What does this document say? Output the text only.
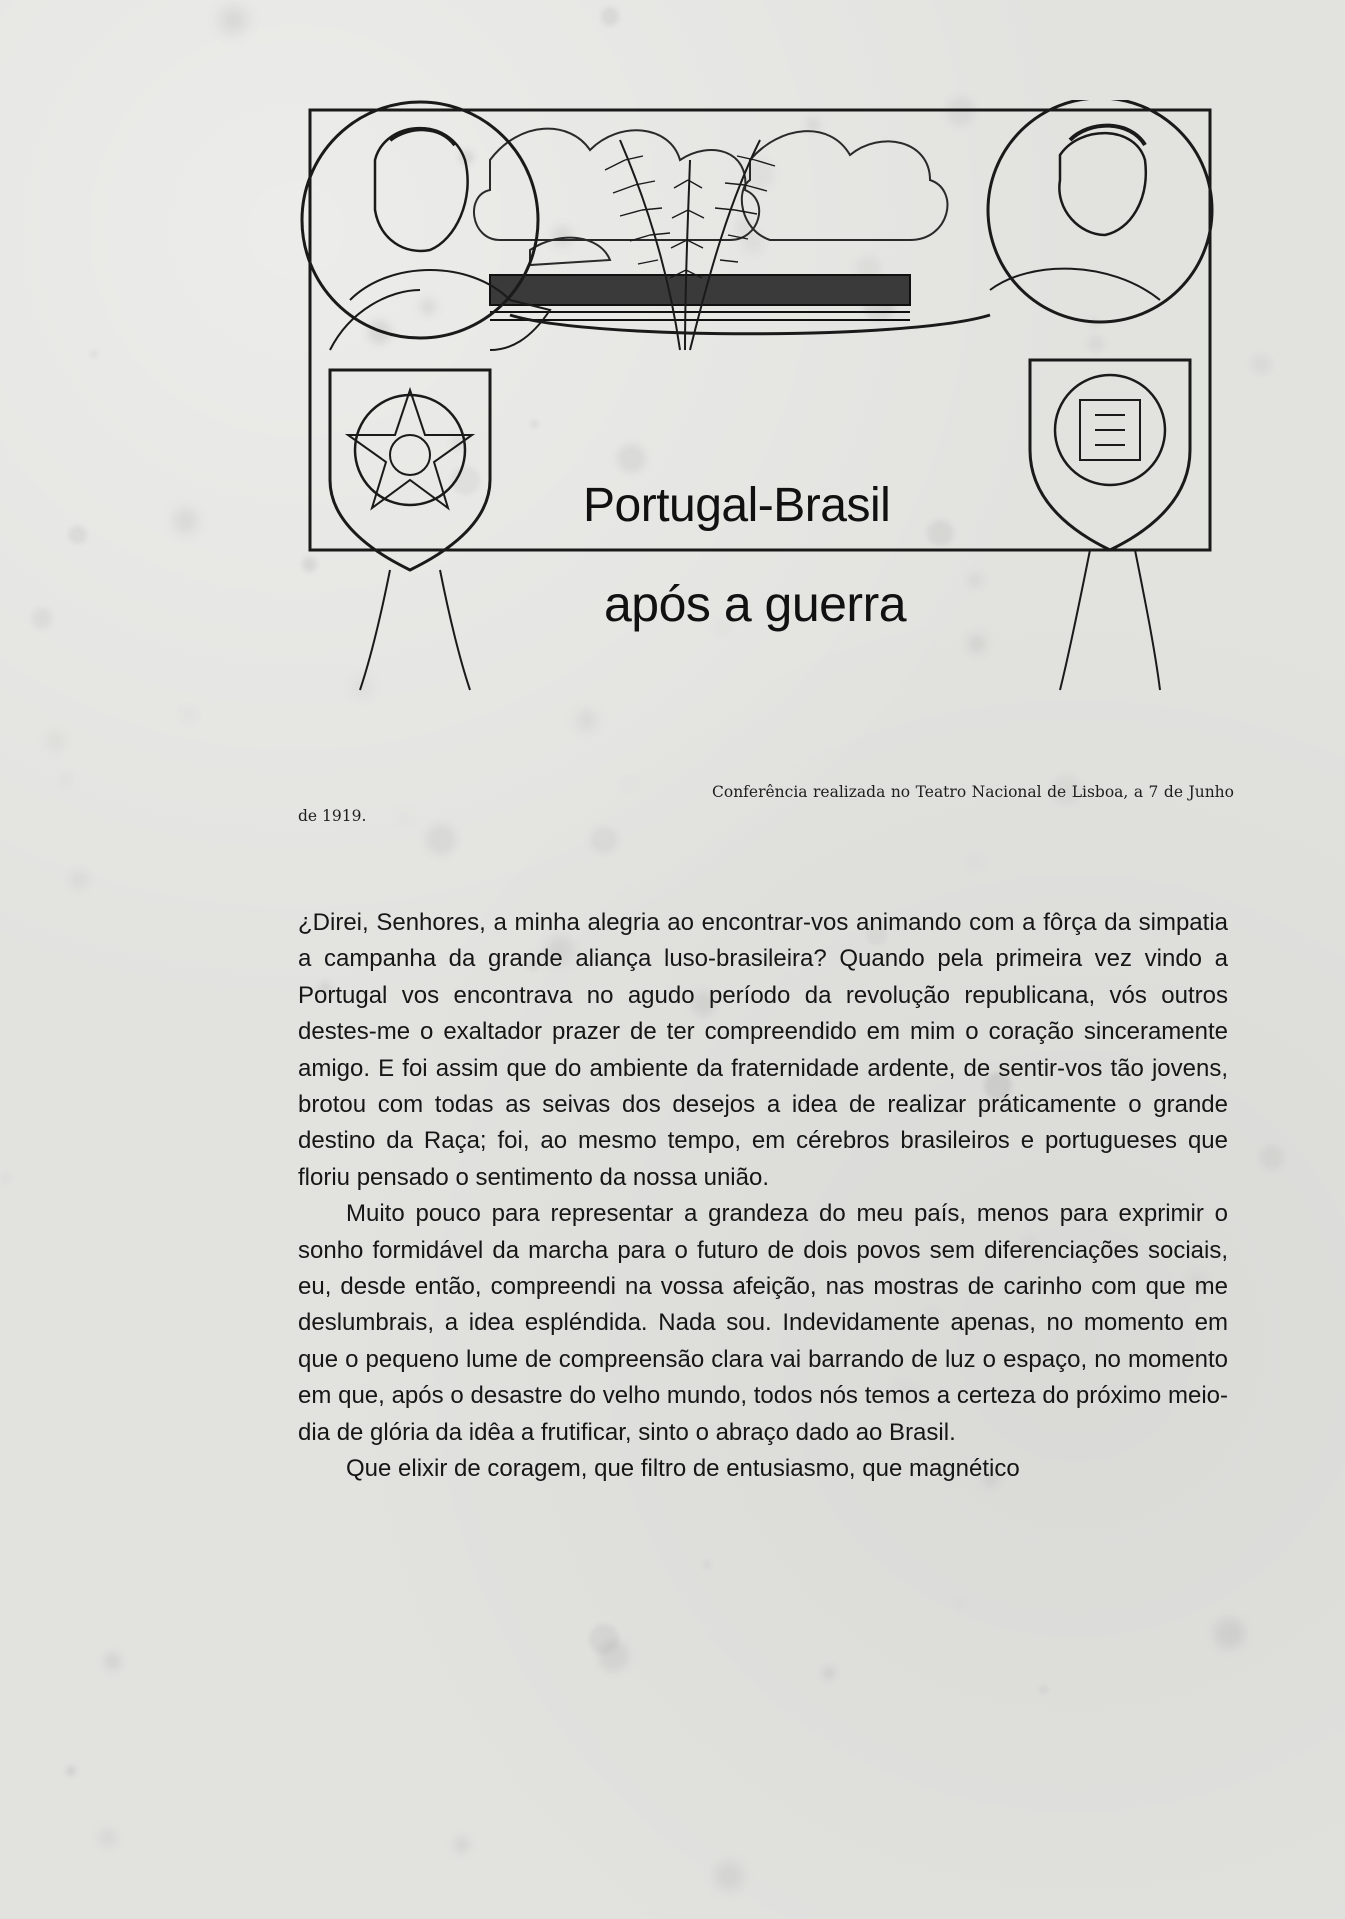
Portugal-Brasil
após a guerra
Conferência realizada no Teatro Nacional de Lisboa, a 7 de Junho de 1919.

¿Direi, Senhores, a minha alegria ao encontrar-vos animando com a fôrça da simpatia a campanha da grande aliança luso-brasileira? Quando pela primeira vez vindo a Portugal vos encontrava no agudo período da revolução republicana, vós outros destes-me o exaltador prazer de ter compreendido em mim o coração sinceramente amigo. E foi assim que do ambiente da fraternidade ardente, de sentir-vos tão jovens, brotou com todas as seivas dos desejos a idea de realizar práticamente o grande destino da Raça; foi, ao mesmo tempo, em cérebros brasileiros e portugueses que floriu pensado o sentimento da nossa união.

Muito pouco para representar a grandeza do meu país, menos para exprimir o sonho formidável da marcha para o futuro de dois povos sem diferenciações sociais, eu, desde então, compreendi na vossa afeição, nas mostras de carinho com que me deslumbrais, a idea espléndida. Nada sou. Indevidamente apenas, no momento em que o pequeno lume de compreensão clara vai barrando de luz o espaço, no momento em que, após o desastre do velho mundo, todos nós temos a certeza do próximo meio-dia de glória da idêa a frutificar, sinto o abraço dado ao Brasil.

Que elixir de coragem, que filtro de entusiasmo, que magnético
